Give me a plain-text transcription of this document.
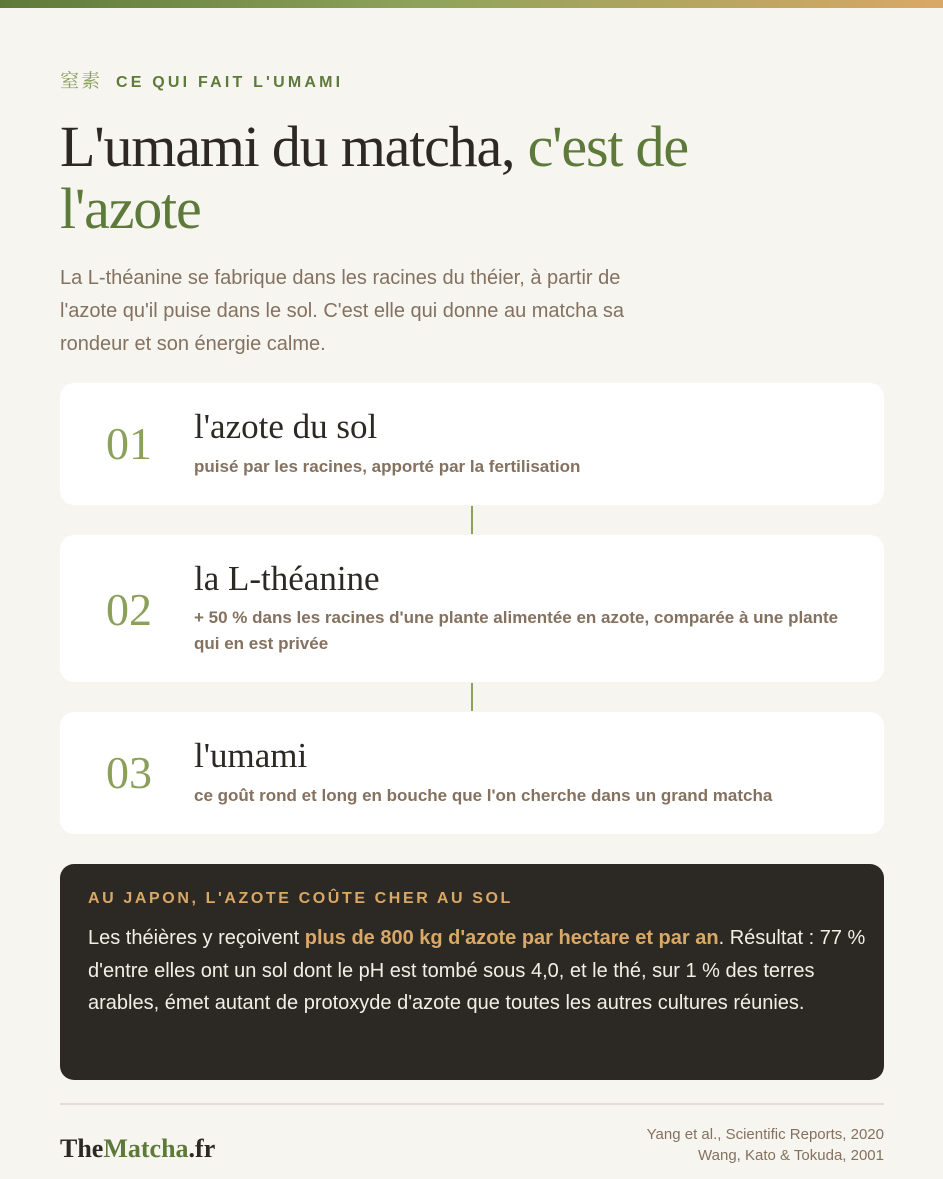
窒素 CE QUI FAIT L'UMAMI
L'umami du matcha, c'est de l'azote

La L-théanine se fabrique dans les racines du théier, à partir de l'azote qu'il puise dans le sol. C'est elle qui donne au matcha sa rondeur et son énergie calme.

01 l'azote du sol
puisé par les racines, apporté par la fertilisation
02
la L-théanine
+ 50 % dans les racines d'une plante alimentée en azote, comparée à une plante qui en est privée
03 l'umami
ce goût rond et long en bouche que l'on cherche dans un grand matcha
AU JAPON, L'AZOTE COÛTE CHER AU SOL

Les théières y reçoivent plus de 800 kg d'azote par hectare et par an. Résultat : 77 % d'entre elles ont un sol dont le pH est tombé sous 4,0, et le thé, sur 1 % des terres arables, émet autant de protoxyde d'azote que toutes les autres cultures réunies.

TheMatcha.fr	Yang et al., Scientific Reports, 2020
Wang, Kato & Tokuda, 2001
